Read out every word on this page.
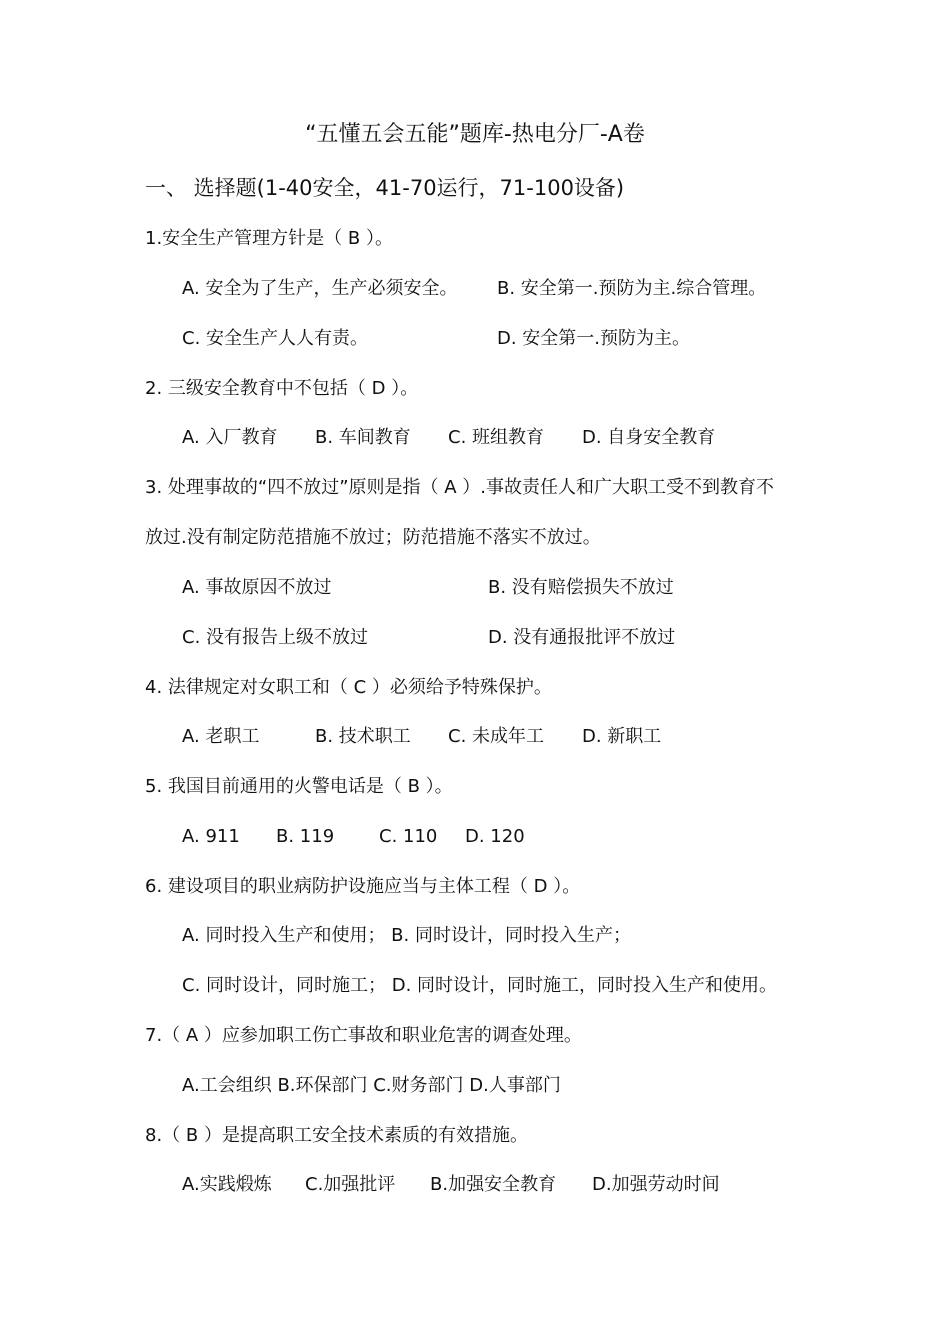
“五懂五会五能”题库-热电分厂-A卷
一、 选择题(1-40安全，41-70运行，71-100设备)
1.安全生产管理方针是（ B ）。
A. 安全为了生产，生产必须安全。 B. 安全第一.预防为主.综合管理。
C. 安全生产人人有责。	D. 安全第一.预防为主。
2. 三级安全教育中不包括（ D ）。
A. 入厂教育 B. 车间教育 C. 班组教育 D. 自身安全教育
3. 处理事故的“四不放过”原则是指（ A ）.事故责任人和广大职工受不到教育不
放过.没有制定防范措施不放过；防范措施不落实不放过。
A. 事故原因不放过	B. 没有赔偿损失不放过
C. 没有报告上级不放过	D. 没有通报批评不放过
4. 法律规定对女职工和（ C ）必须给予特殊保护。
A. 老职工	B. 技术职工 C. 未成年工 D. 新职工
5. 我国目前通用的火警电话是（ B ）。
A. 911 B. 119 C. 110 D. 120
6. 建设项目的职业病防护设施应当与主体工程（ D ）。
A. 同时投入生产和使用； B. 同时设计，同时投入生产；
C. 同时设计，同时施工； D. 同时设计，同时施工，同时投入生产和使用。
7.（ A ）应参加职工伤亡事故和职业危害的调查处理。
A.工会组织 B.环保部门 C.财务部门 D.人事部门
8.（ B ）是提高职工安全技术素质的有效措施。
A.实践煅炼 C.加强批评 B.加强安全教育 D.加强劳动时间
